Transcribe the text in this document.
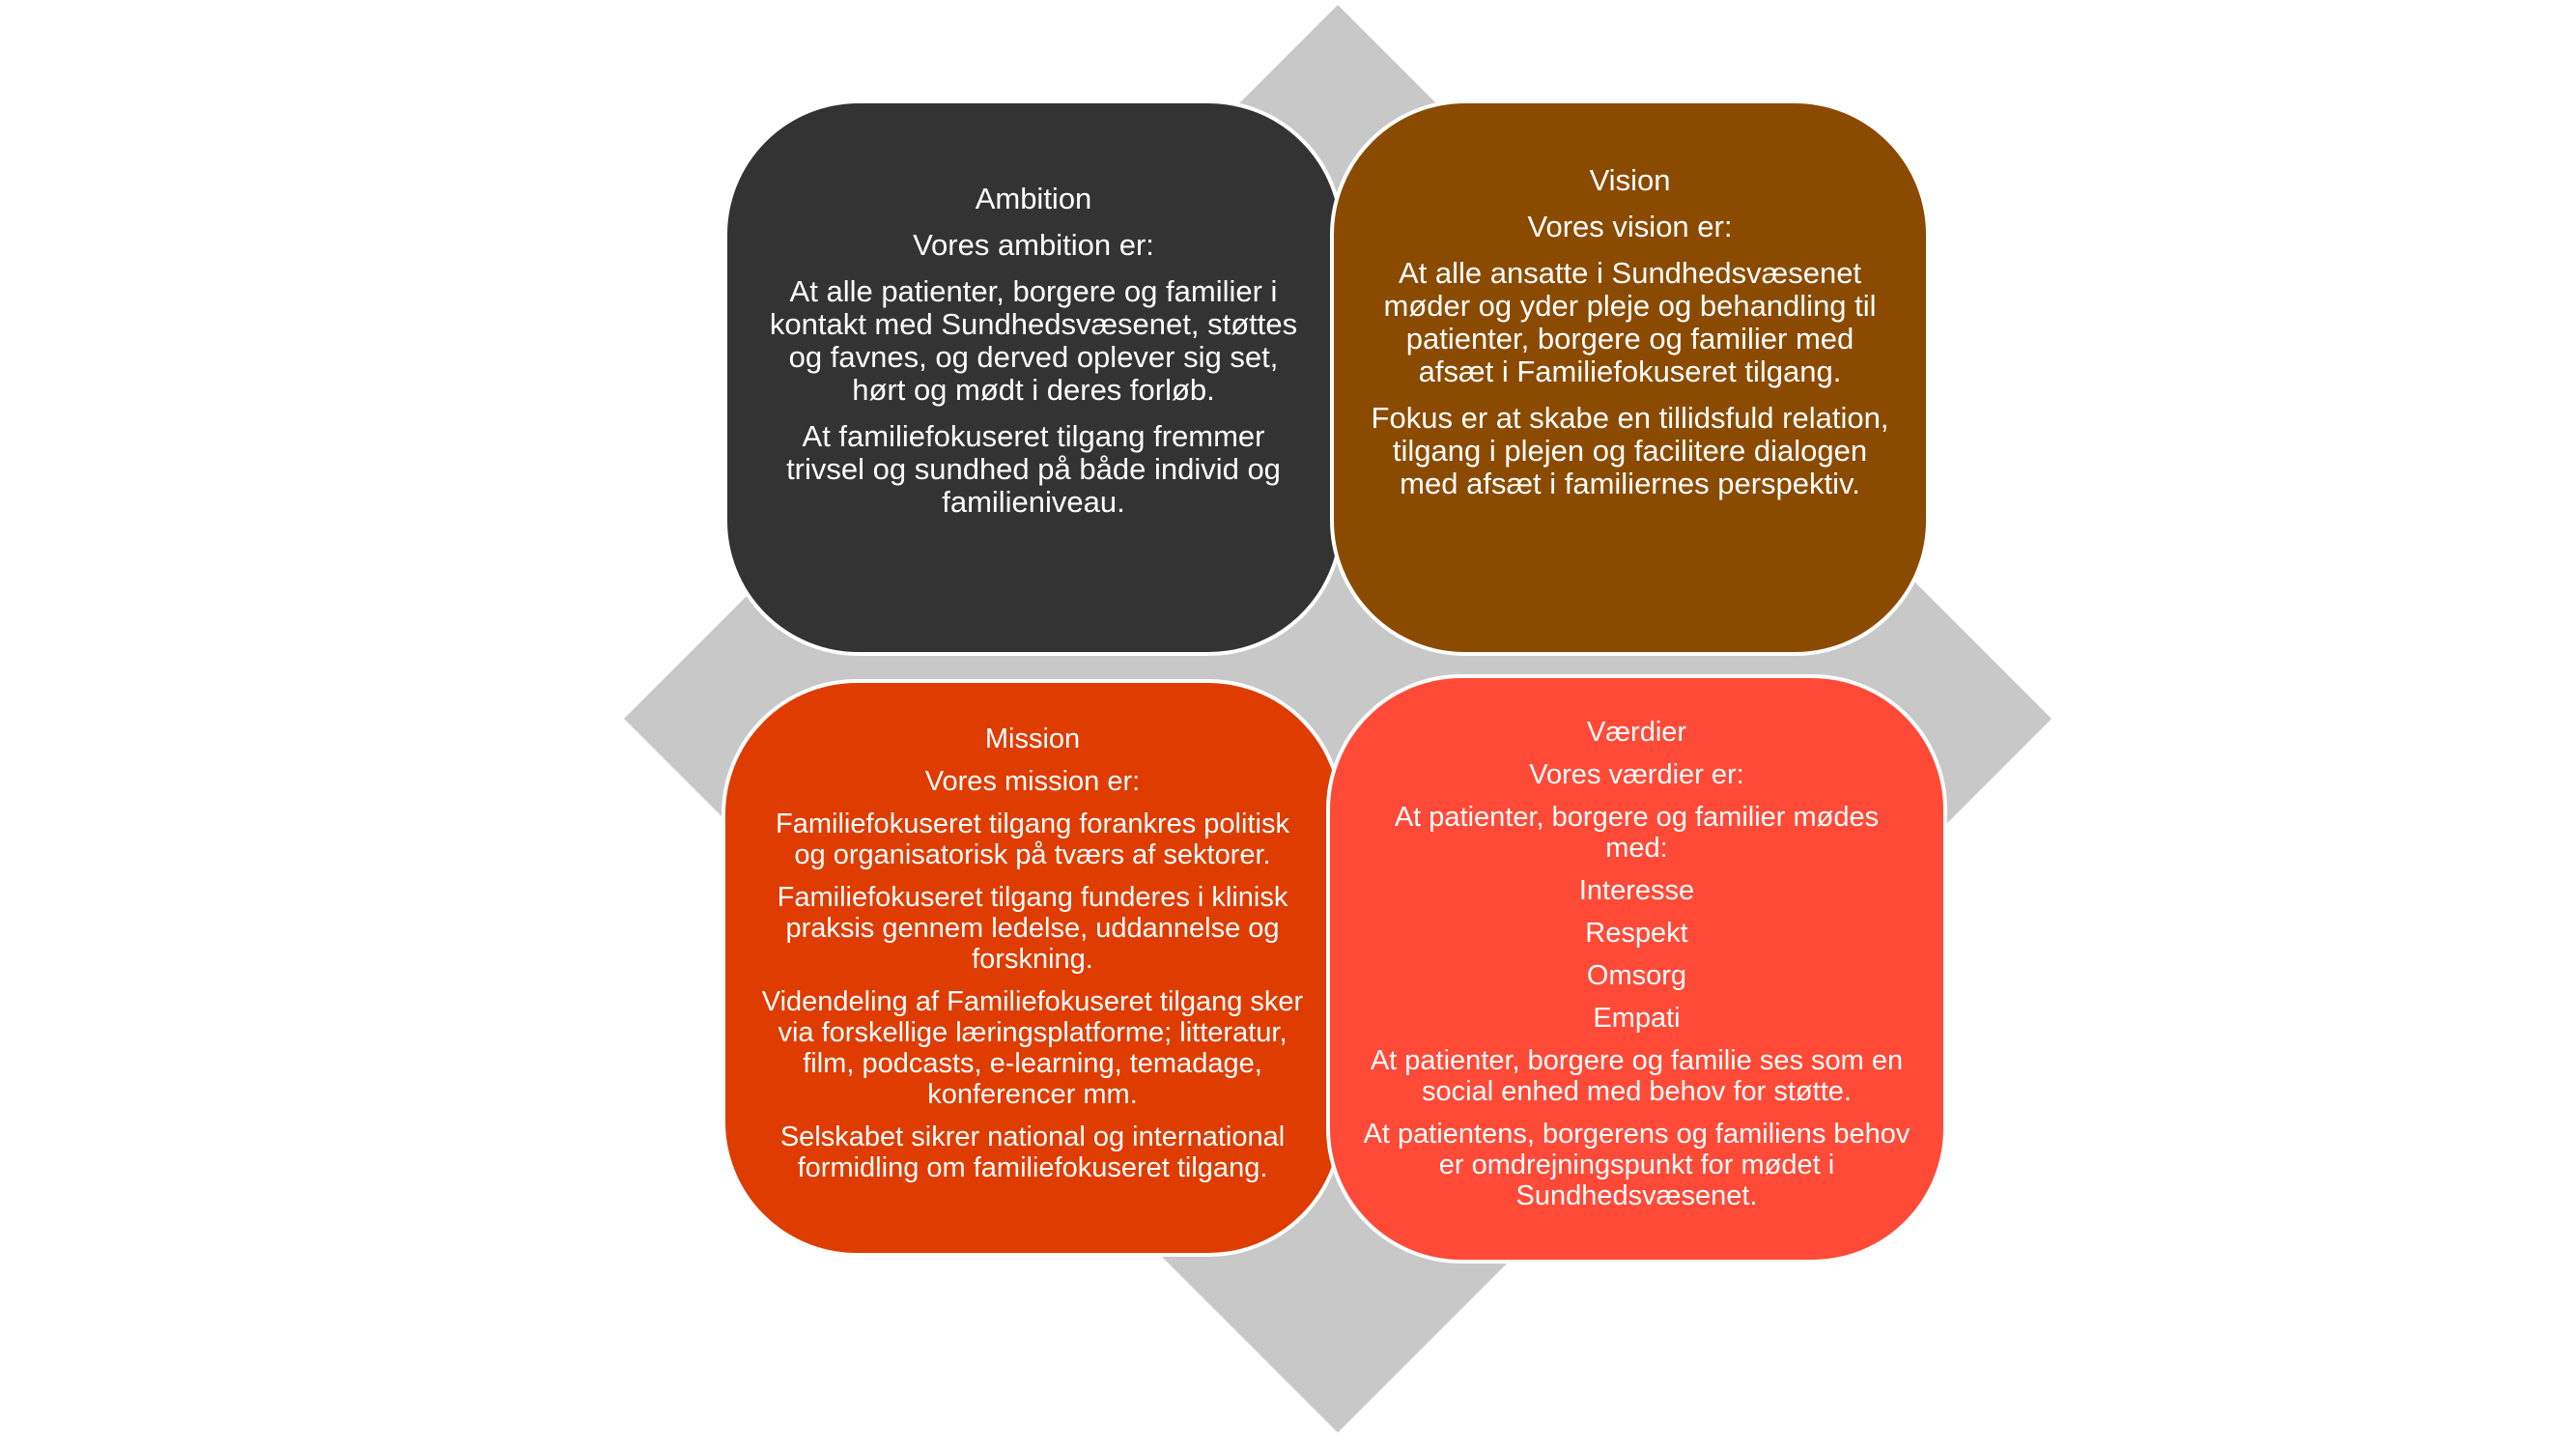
Ambition

Vores ambition er:

At alle patienter, borgere og familier i kontakt med Sundhedsvæsenet, støttes og favnes, og derved oplever sig set, hørt og mødt i deres forløb.

At familiefokuseret tilgang fremmer trivsel og sundhed på både individ og familieniveau.

Vision

Vores vision er:

At alle ansatte i Sundhedsvæsenet møder og yder pleje og behandling til patienter, borgere og familier med afsæt i Familiefokuseret tilgang.

Fokus er at skabe en tillidsfuld relation, tilgang i plejen og facilitere dialogen med afsæt i familiernes perspektiv.

Mission

Vores mission er:

Familiefokuseret tilgang forankres politisk og organisatorisk på tværs af sektorer.

Familiefokuseret tilgang funderes i klinisk praksis gennem ledelse, uddannelse og forskning.

Videndeling af Familiefokuseret tilgang sker via forskellige læringsplatforme; litteratur, film, podcasts, e-learning, temadage, konferencer mm.

Selskabet sikrer national og international formidling om familiefokuseret tilgang.

Værdier

Vores værdier er:

At patienter, borgere og familier mødes med:

Interesse

Respekt

Omsorg

Empati

At patienter, borgere og familie ses som en social enhed med behov for støtte.

At patientens, borgerens og familiens behov er omdrejningspunkt for mødet i Sundhedsvæsenet.
